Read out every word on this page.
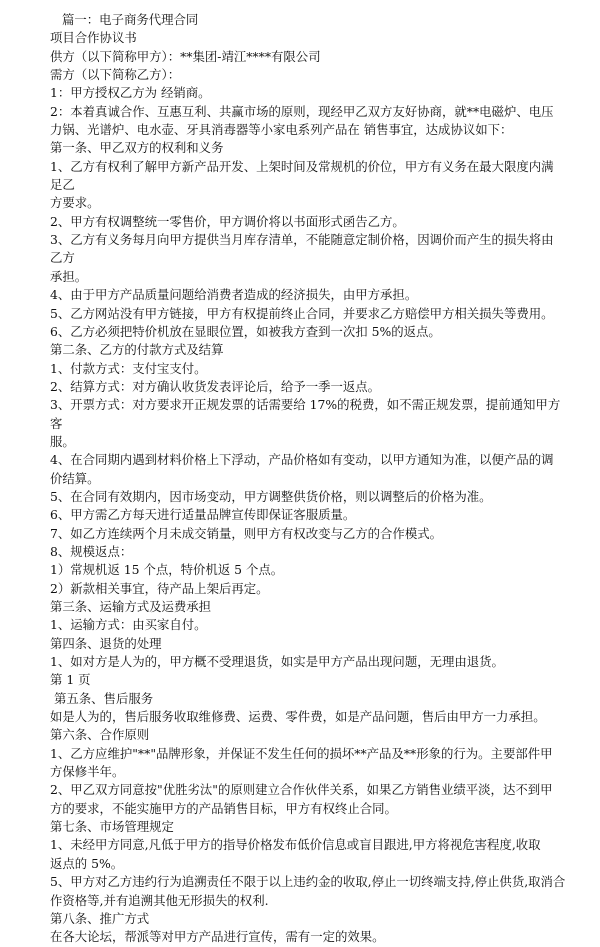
篇一：电子商务代理合同
项目合作协议书
供方（以下简称甲方）：**集团-靖江****有限公司
需方（以下简称乙方）：
1：甲方授权乙方为 经销商。
2：本着真诚合作、互惠互利、共赢市场的原则，现经甲乙双方友好协商，就**电磁炉、电压
力锅、光谱炉、电水壶、牙具消毒器等小家电系列产品在 销售事宜，达成协议如下：
第一条、甲乙双方的权利和义务
1、乙方有权利了解甲方新产品开发、上架时间及常规机的价位，甲方有义务在最大限度内满
足乙
方要求。
2、甲方有权调整统一零售价，甲方调价将以书面形式函告乙方。
3、乙方有义务每月向甲方提供当月库存清单，不能随意定制价格，因调价而产生的损失将由
乙方
承担。
4、由于甲方产品质量问题给消费者造成的经济损失，由甲方承担。
5、乙方网站没有甲方链接，甲方有权提前终止合同，并要求乙方赔偿甲方相关损失等费用。
6、乙方必须把特价机放在显眼位置，如被我方查到一次扣 5%的返点。
第二条、乙方的付款方式及结算
1、付款方式：支付宝支付。
2、结算方式：对方确认收货发表评论后，给予一季一返点。
3、开票方式：对方要求开正规发票的话需要给 17%的税费，如不需正规发票，提前通知甲方
客
服。
4、在合同期内遇到材料价格上下浮动，产品价格如有变动，以甲方通知为准，以便产品的调
价结算。
5、在合同有效期内，因市场变动，甲方调整供货价格，则以调整后的价格为准。
6、甲方需乙方每天进行适量品牌宣传即保证客服质量。
7、如乙方连续两个月未成交销量，则甲方有权改变与乙方的合作模式。
8、规模返点：
1）常规机返 15 个点，特价机返 5 个点。
2）新款相关事宜，待产品上架后再定。
第三条、运输方式及运费承担
1、运输方式：由买家自付。
第四条、退货的处理
1、如对方是人为的，甲方概不受理退货，如实是甲方产品出现问题，无理由退货。
第 1 页
第五条、售后服务
如是人为的，售后服务收取维修费、运费、零件费，如是产品问题，售后由甲方一力承担。
第六条、合作原则
1、乙方应维护"**"品牌形象，并保证不发生任何的损坏**产品及**形象的行为。主要部件甲
方保修半年。
2、甲乙双方同意按"优胜劣汰"的原则建立合作伙伴关系，如果乙方销售业绩平淡，达不到甲
方的要求，不能实施甲方的产品销售目标，甲方有权终止合同。
第七条、市场管理规定
1、未经甲方同意,凡低于甲方的指导价格发布低价信息或盲目跟进,甲方将视危害程度,收取
返点的 5%。
5、甲方对乙方违约行为追溯责任不限于以上违约金的收取,停止一切终端支持,停止供货,取消合
作资格等,并有追溯其他无形损失的权利.
第八条、推广方式
在各大论坛，帮派等对甲方产品进行宣传，需有一定的效果。
